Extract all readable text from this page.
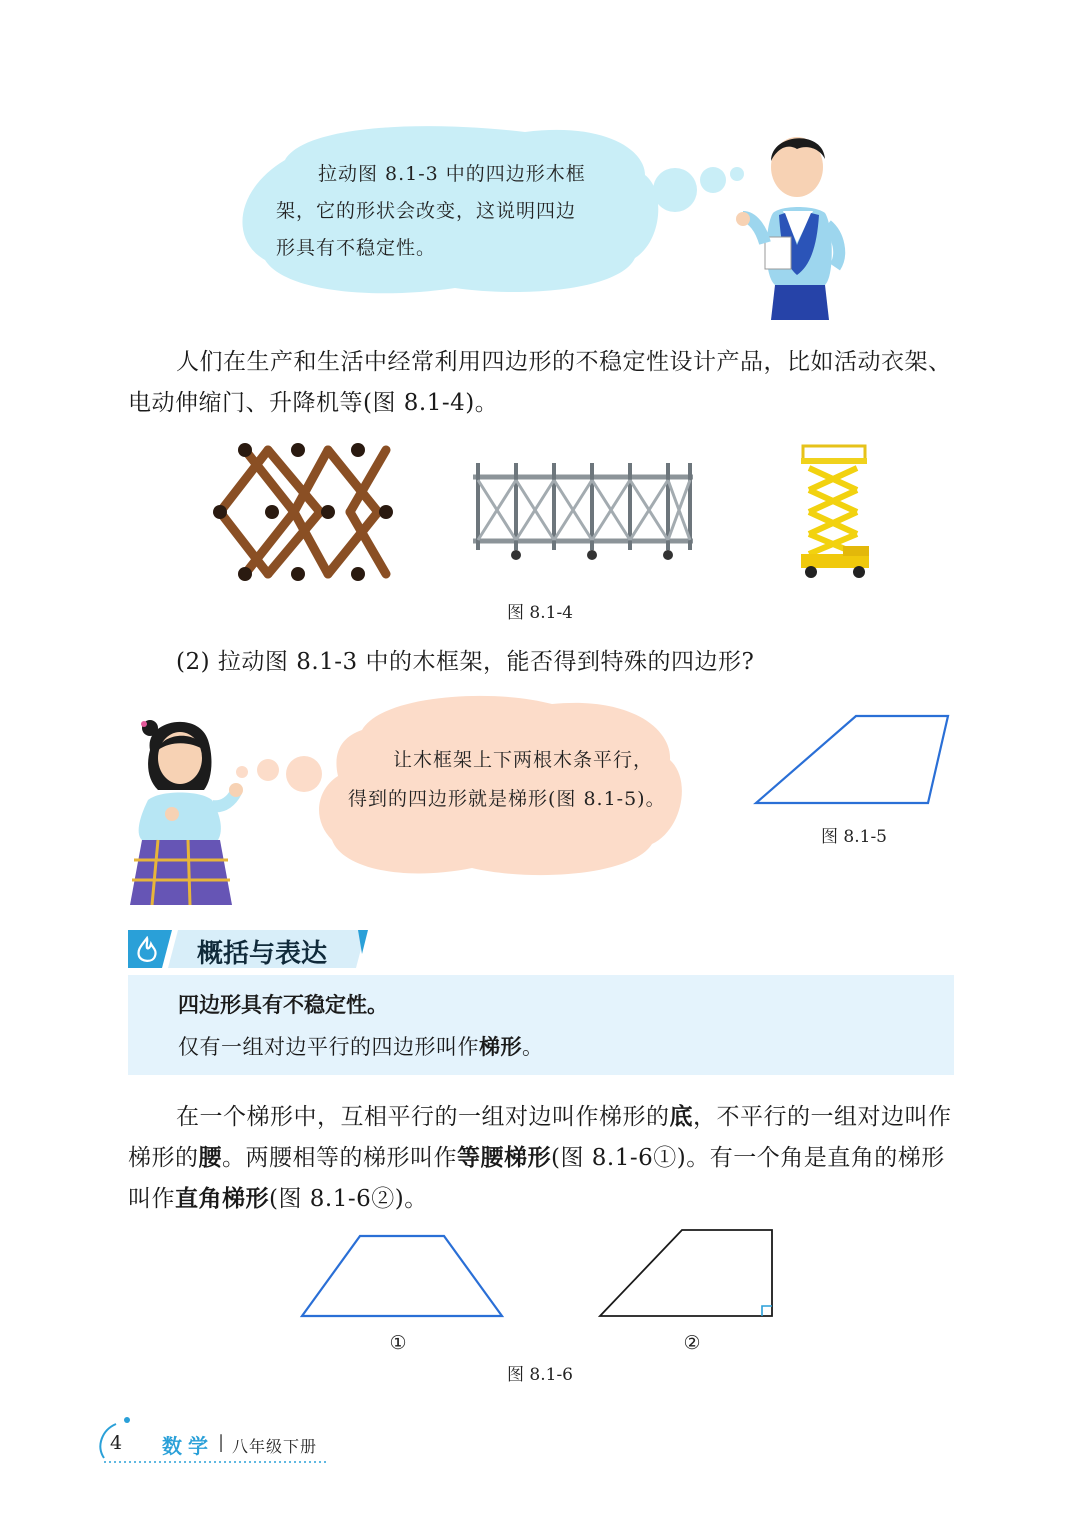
拉动图 8.1-3 中的四边形木框
架，它的形状会改变，这说明四边
形具有不稳定性。
人们在生产和生活中经常利用四边形的不稳定性设计产品，比如活动衣架、
电动伸缩门、升降机等(图 8.1-4)。
图 8.1-4
(2) 拉动图 8.1-3 中的木框架，能否得到特殊的四边形?
让木框架上下两根木条平行，
得到的四边形就是梯形(图 8.1-5)。
图 8.1-5
概括与表达
四边形具有不稳定性。
仅有一组对边平行的四边形叫作梯形。
在一个梯形中，互相平行的一组对边叫作梯形的底，不平行的一组对边叫作梯形的腰。两腰相等的梯形叫作等腰梯形(图 8.1-6①)。有一个角是直角的梯形叫作直角梯形(图 8.1-6②)。
①	②
图 8.1-6
4 数学 | 八年级下册
